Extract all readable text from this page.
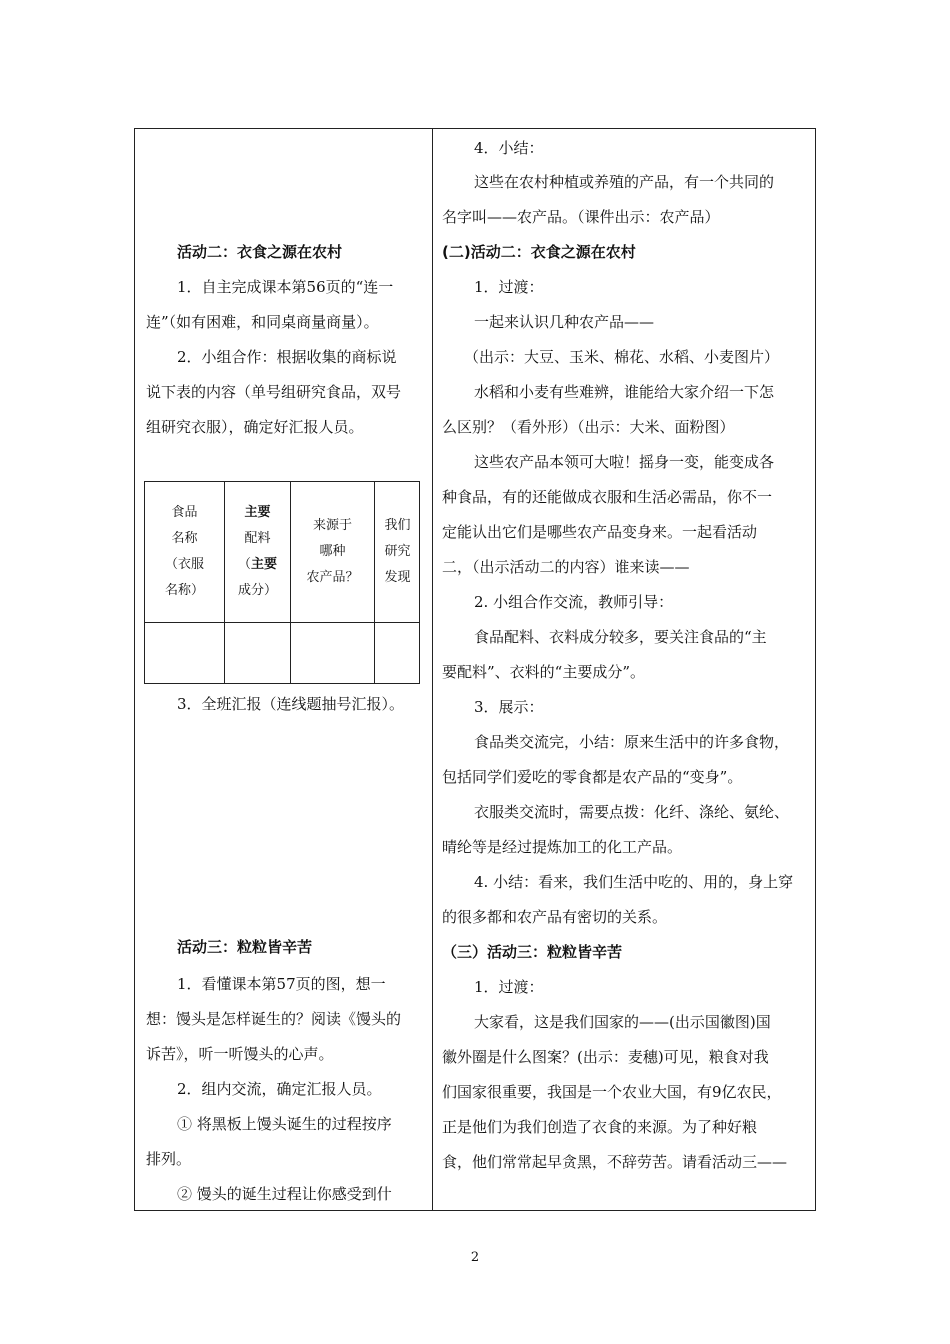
活动二：衣食之源在农村
1．自主完成课本第56页的“连一
连”（如有困难，和同桌商量商量）。
2．小组合作：根据收集的商标说
说下表的内容（单号组研究食品，双号
组研究衣服），确定好汇报人员。
食品
名称
（衣服
名称）
主要
配料
（主要
成分）
来源于
哪种
农产品？
我们
研究
发现
3．全班汇报（连线题抽号汇报）。
活动三：粒粒皆辛苦
1．看懂课本第57页的图，想一
想：馒头是怎样诞生的？阅读《馒头的
诉苦》，听一听馒头的心声。
2．组内交流，确定汇报人员。
① 将黑板上馒头诞生的过程按序
排列。
② 馒头的诞生过程让你感受到什
4．小结：
这些在农村种植或养殖的产品，有一个共同的
名字叫——农产品。（课件出示：农产品）
(二)活动二：衣食之源在农村
1．过渡：
一起来认识几种农产品——
（出示：大豆、玉米、棉花、水稻、小麦图片）
水稻和小麦有些难辨，谁能给大家介绍一下怎
么区别？（看外形）（出示：大米、面粉图）
这些农产品本领可大啦！摇身一变，能变成各
种食品，有的还能做成衣服和生活必需品，你不一
定能认出它们是哪些农产品变身来。一起看活动
二，（出示活动二的内容）谁来读——
2. 小组合作交流，教师引导：
食品配料、衣料成分较多，要关注食品的“主
要配料”、衣料的“主要成分”。
3．展示：
食品类交流完，小结：原来生活中的许多食物，
包括同学们爱吃的零食都是农产品的“变身”。
衣服类交流时，需要点拨：化纤、涤纶、氨纶、
晴纶等是经过提炼加工的化工产品。
4. 小结：看来，我们生活中吃的、用的，身上穿
的很多都和农产品有密切的关系。
（三）活动三：粒粒皆辛苦
1．过渡：
大家看，这是我们国家的——(出示国徽图)国
徽外圈是什么图案？(出示：麦穗)可见，粮食对我
们国家很重要，我国是一个农业大国，有9亿农民，
正是他们为我们创造了衣食的来源。为了种好粮
食，他们常常起早贪黑，不辞劳苦。请看活动三——
2
